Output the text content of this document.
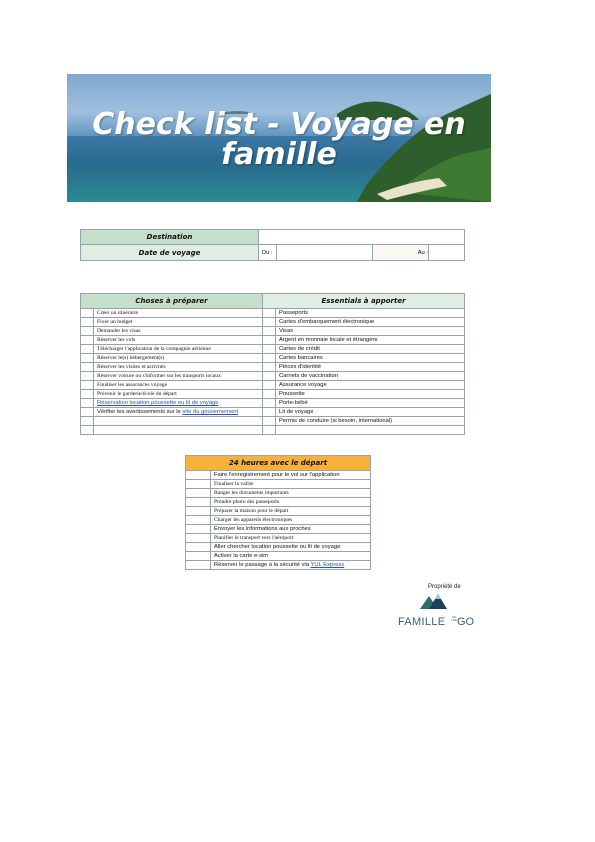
Check list - Voyage en
famille
Destination				
Date de voyage	Du :		Au :	
Choses à préparer		Essentials à apporter	
	Créer un itinéraire		Passeports
	Fixer un budget		Cartes d'embarquement électronique
	Demander les visas		Visas
	Réserver les vols		Argent en monnaie locale et étrangère
	Télécharger l'application de la compagnie aérienne		Cartes de crédit
	Réserver le(s) hébergement(s)		Cartes bancaires
	Réserver les visites et activités		Pièces d'identité
	Réserver voiture ou s'informer sur les transports locaux		Carnets de vaccination
	Finaliser les assurances voyage		Assurance voyage
	Prévenir le garderie/école du départ		Poussette
	Réservation location poussette ou lit de voyage		Porte-bébé
	Vérifier les avertissements sur le site du gouvernement		Lit de voyage
			Permis de conduire (si besoin, international)

24 heures avec le départ	
	Faire l'enregistrement pour le vol sur l'application
	Finaliser la valise
	Ranger les documents importants
	Prendre photo des passeports
	Préparer la maison pour le départ
	Charger les appareils électroniques
	Envoyer les informations aux proches
	Planifier le transport vers l'aéroport
	Aller chercher location poussette ou lit de voyage
	Activer la carte e-sim
	Réserver le passage à la sécurité via YUL Express
Propriété de
FAMILLE	ON THE GO
